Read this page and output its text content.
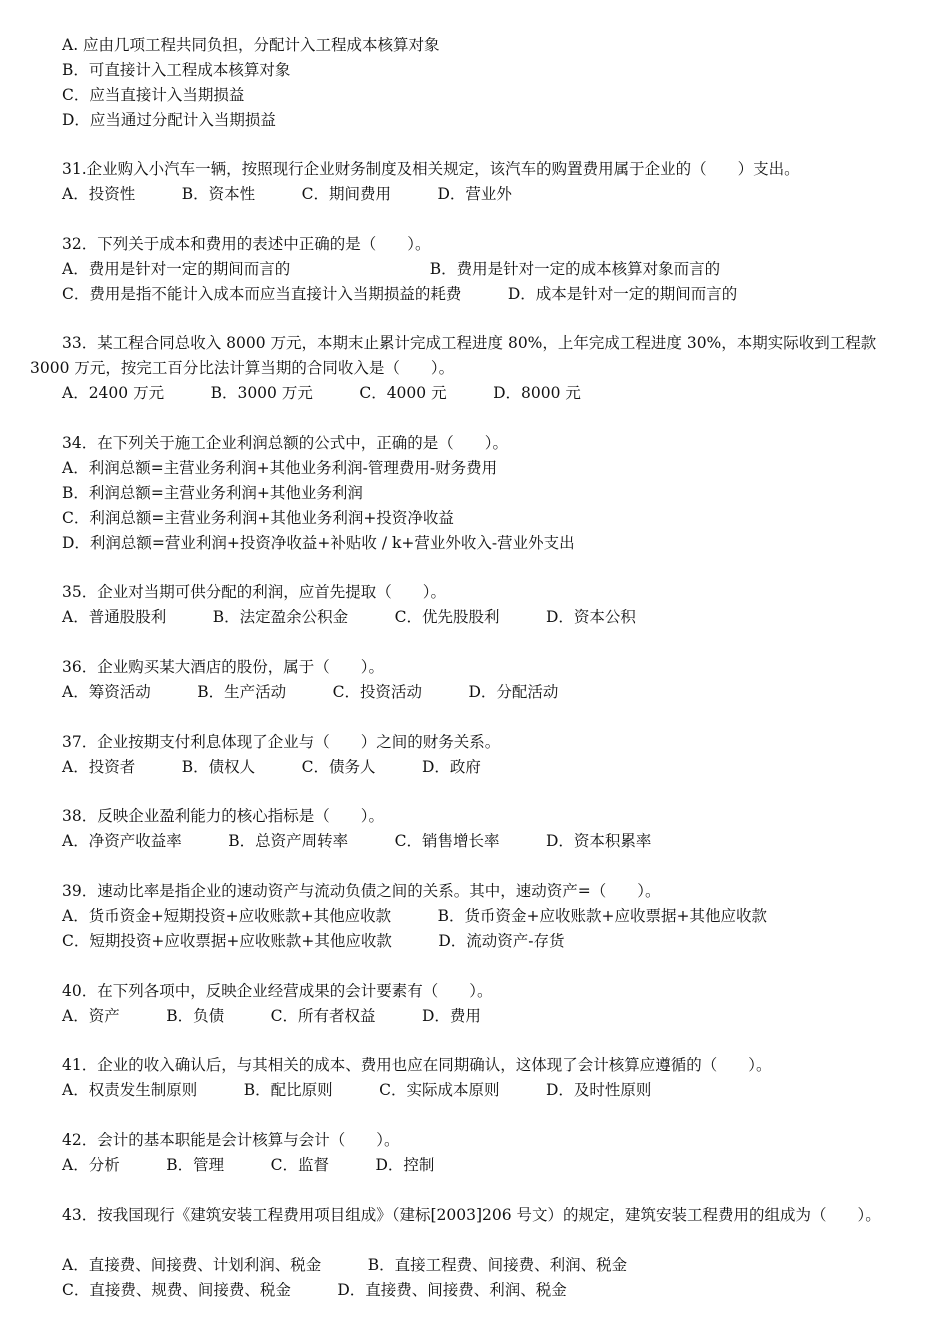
A. 应由几项工程共同负担，分配计入工程成本核算对象
B．可直接计入工程成本核算对象
C．应当直接计入当期损益
D．应当通过分配计入当期损益
31.企业购入小汽车一辆，按照现行企业财务制度及相关规定，该汽车的购置费用属于企业的（　　）支出。
A．投资性　　　B．资本性　　　C．期间费用　　　D．营业外
32．下列关于成本和费用的表述中正确的是（　　）。
A．费用是针对一定的期间而言的　　　　　　　　　B．费用是针对一定的成本核算对象而言的
C．费用是指不能计入成本而应当直接计入当期损益的耗费　　　D．成本是针对一定的期间而言的
33．某工程合同总收入 8000 万元，本期末止累计完成工程进度 80%，上年完成工程进度 30%，本期实际收到工程款
3000 万元，按完工百分比法计算当期的合同收入是（　　）。
A．2400 万元　　　B．3000 万元　　　C．4000 元　　　D．8000 元
34．在下列关于施工企业利润总额的公式中，正确的是（　　）。
A．利润总额=主营业务利润+其他业务利润-管理费用-财务费用
B．利润总额=主营业务利润+其他业务利润
C．利润总额=主营业务利润+其他业务利润+投资净收益
D．利润总额=营业利润+投资净收益+补贴收 / k+营业外收入-营业外支出
35．企业对当期可供分配的利润，应首先提取（　　）。
A．普通股股利　　　B．法定盈余公积金　　　C．优先股股利　　　D．资本公积
36．企业购买某大酒店的股份，属于（　　）。
A．筹资活动　　　B．生产活动　　　C．投资活动　　　D．分配活动
37．企业按期支付利息体现了企业与（　　）之间的财务关系。
A．投资者　　　B．债权人　　　C．债务人　　　D．政府
38．反映企业盈利能力的核心指标是（　　）。
A．净资产收益率　　　B．总资产周转率　　　C．销售增长率　　　D．资本积累率
39．速动比率是指企业的速动资产与流动负债之间的关系。其中，速动资产=（　　）。
A．货币资金+短期投资+应收账款+其他应收款　　　B．货币资金+应收账款+应收票据+其他应收款
C．短期投资+应收票据+应收账款+其他应收款　　　D．流动资产-存货
40．在下列各项中，反映企业经营成果的会计要素有（　　）。
A．资产　　　B．负债　　　C．所有者权益　　　D．费用
41．企业的收入确认后，与其相关的成本、费用也应在同期确认，这体现了会计核算应遵循的（　　）。
A．权责发生制原则　　　B．配比原则　　　C．实际成本原则　　　D．及时性原则
42．会计的基本职能是会计核算与会计（　　）。
A．分析　　　B．管理　　　C．监督　　　D．控制
43．按我国现行《建筑安装工程费用项目组成》（建标[2003]206 号文）的规定，建筑安装工程费用的组成为（　　）。
A．直接费、间接费、计划利润、税金　　　B．直接工程费、间接费、利润、税金
C．直接费、规费、间接费、税金　　　D．直接费、间接费、利润、税金
